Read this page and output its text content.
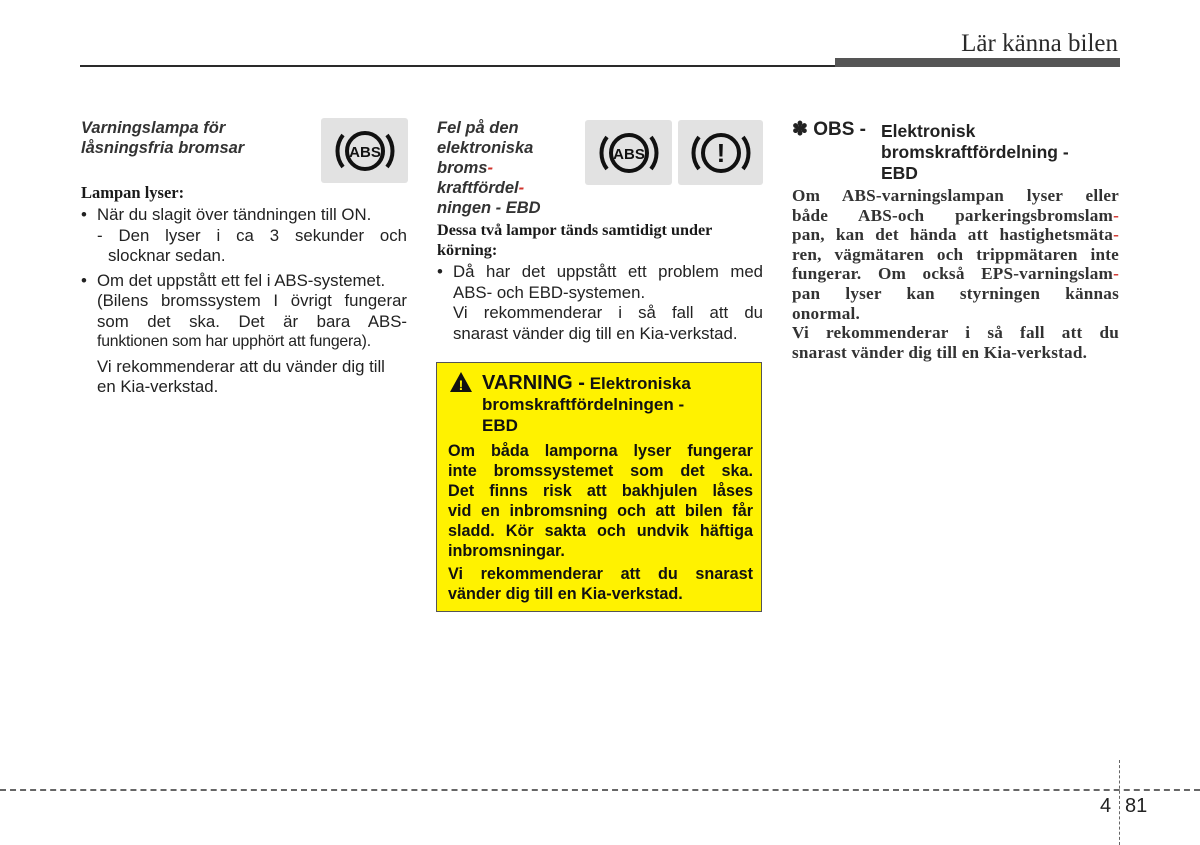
Lär känna bilen
Varningslampa för
låsningsfria bromsar	ABS
Lampan lyser:
• När du slagit över tändningen till ON.
- Den lyser i ca 3 sekunder och
slocknar sedan.
• Om det uppstått ett fel i ABS-systemet.
(Bilens bromssystem I övrigt fungerar
som det ska. Det är bara ABS-
funktionen som har upphört att fungera).
Vi rekommenderar att du vänder dig till
en Kia-verkstad.
Fel på den
elektroniska
broms-
kraftfördel-
ningen - EBD
ABS	!
Dessa två lampor tänds samtidigt under
körning:
• Då har det uppstått ett problem med
ABS- och EBD-systemen.
Vi rekommenderar i så fall att du
snarast vänder dig till en Kia-verkstad.
! VARNING - Elektroniska
bromskraftfördelningen -
EBD
Om båda lamporna lyser fungerar
inte bromssystemet som det ska.
Det finns risk att bakhjulen låses
vid en inbromsning och att bilen får
sladd. Kör sakta och undvik häftiga
inbromsningar.
Vi rekommenderar att du snarast
vänder dig till en Kia-verkstad.
✽ OBS - Elektronisk
bromskraftfördelning -
EBD
Om ABS-varningslampan lyser eller
både ABS-och parkeringsbromslam-
pan, kan det hända att hastighetsmäta-
ren, vägmätaren och trippmätaren inte
fungerar. Om också EPS-varningslam-
pan lyser kan styrningen kännas
onormal.
Vi rekommenderar i så fall att du
snarast vänder dig till en Kia-verkstad.
4 81
